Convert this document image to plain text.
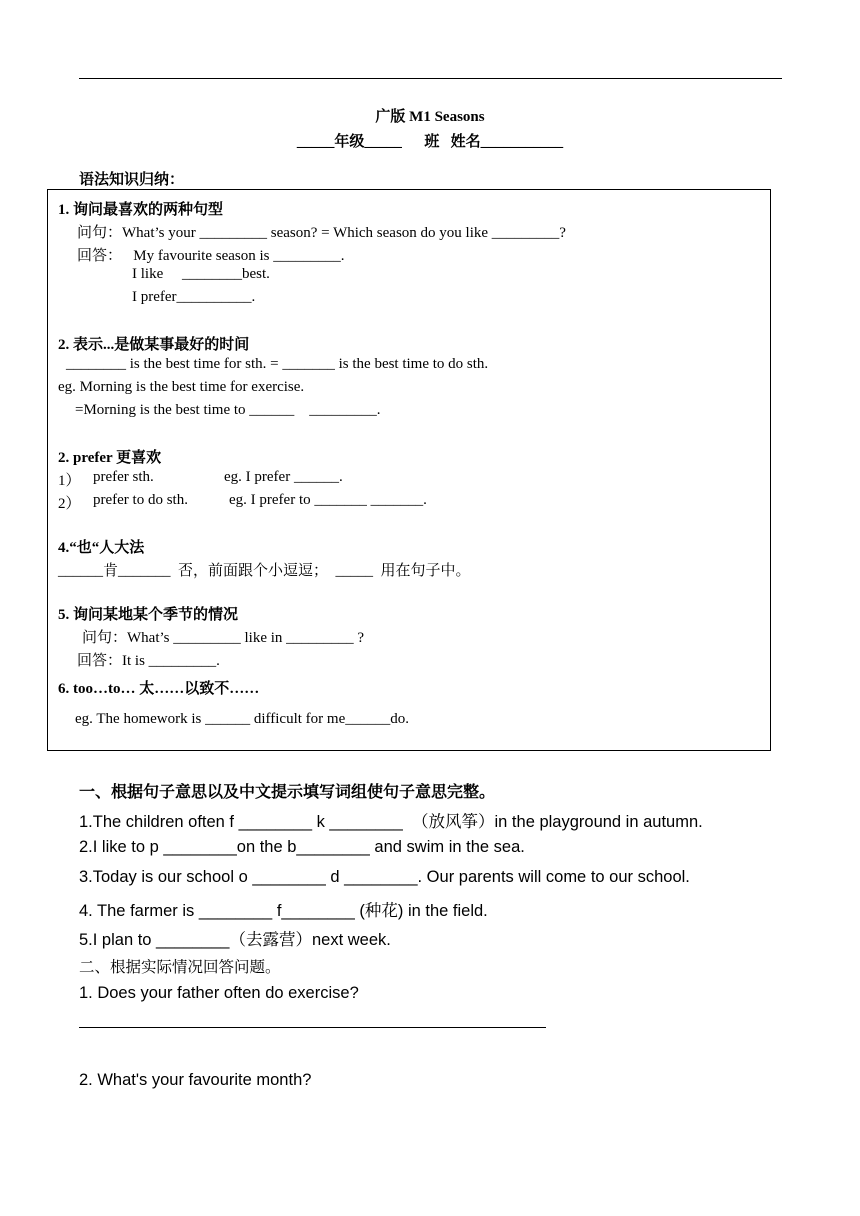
广版 M1 Seasons
_____年级_____      班   姓名___________
语法知识归纳：
1. 询问最喜欢的两种句型
问句：What’s your _________ season? = Which season do you like _________?
回答：   My favourite season is _________.
I like     ________best.
I prefer__________.
2. 表示...是做某事最好的时间
________ is the best time for sth. = _______ is the best time to do sth.
eg. Morning is the best time for exercise.
=Morning is the best time to ______    _________.
2. prefer 更喜欢
1） prefer sth.	eg. I prefer ______.
2） prefer to do sth.	eg. I prefer to _______ _______.
4.“也“人大法
______肯_______  否，前面跟个小逗逗；  _____  用在句子中。
5. 询问某地某个季节的情况
问句：What’s _________ like in _________ ?
回答：It is _________.
6. too…to… 太……以致不……
eg. The homework is ______ difficult for me______do.
一、根据句子意思以及中文提示填写词组使句子意思完整。
1.The children often f ________ k ________  （放风筝）in the playground in autumn.
2.I like to p ________on the b________ and swim in the sea.
3.Today is our school o ________ d ________. Our parents will come to our school.
4. The farmer is ________ f________ (种花) in the field.
5.I plan to ________（去露营）next week.
二、根据实际情况回答问题。
1. Does your father often do exercise?
2. What's your favourite month?
